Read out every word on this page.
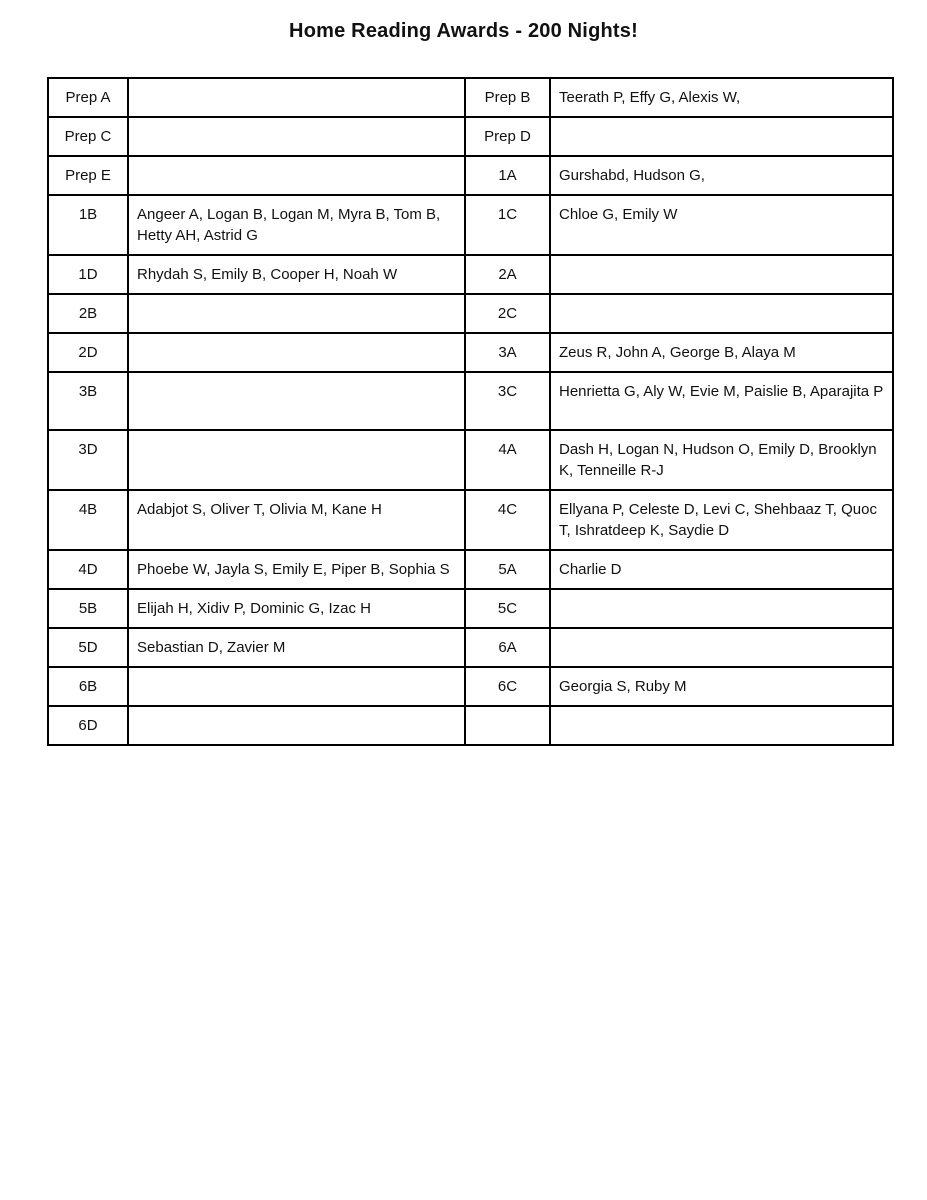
Home Reading Awards - 200 Nights!
Prep A		Prep B	Teerath P, Effy G, Alexis W,
Prep C		Prep D	
Prep E		1A	Gurshabd, Hudson G,
1B	Angeer A, Logan B, Logan M, Myra B, Tom B, Hetty AH, Astrid G	1C	Chloe G, Emily W
1D	Rhydah S, Emily B, Cooper H, Noah W	2A	
2B		2C	
2D		3A	Zeus R, John A, George B, Alaya M
3B		3C	Henrietta G, Aly W, Evie M, Paislie B, Aparajita P
3D		4A	Dash H, Logan N, Hudson O, Emily D, Brooklyn K, Tenneille R-J
4B	Adabjot S, Oliver T, Olivia M, Kane H	4C	Ellyana P, Celeste D, Levi C, Shehbaaz T, Quoc T, Ishratdeep K, Saydie D
4D	Phoebe W, Jayla S, Emily E, Piper B, Sophia S	5A	Charlie D
5B	Elijah H, Xidiv P, Dominic G, Izac H	5C	
5D	Sebastian D, Zavier M	6A	
6B		6C	Georgia S, Ruby M
6D			
